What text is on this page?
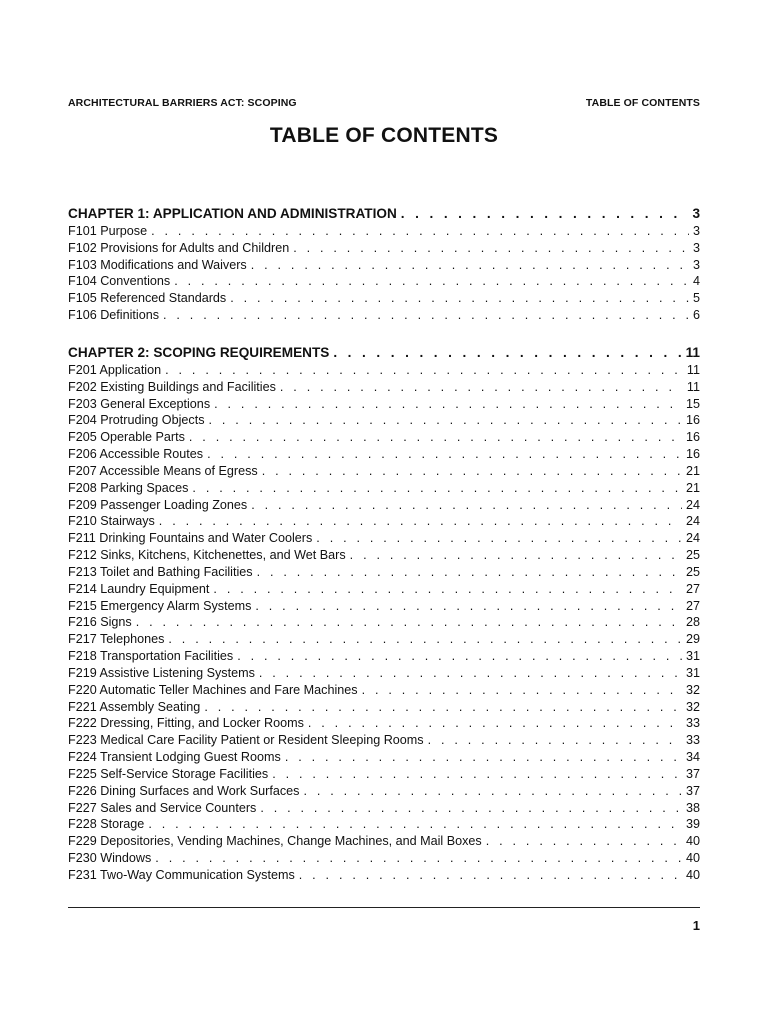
ARCHITECTURAL BARRIERS ACT: SCOPING	TABLE OF CONTENTS
TABLE OF CONTENTS
CHAPTER 1: APPLICATION AND ADMINISTRATION . . .	3
F101 Purpose . . .	3
F102 Provisions for Adults and Children . . .	3
F103 Modifications and Waivers . . .	3
F104 Conventions . . .	4
F105 Referenced Standards . . .	5
F106 Definitions . . .	6
CHAPTER 2: SCOPING REQUIREMENTS . . .	11
F201 Application . . .	11
F202 Existing Buildings and Facilities . . .	11
F203 General Exceptions . . .	15
F204 Protruding Objects . . .	16
F205 Operable Parts . . .	16
F206 Accessible Routes . . .	16
F207 Accessible Means of Egress . . .	21
F208 Parking Spaces . . .	21
F209 Passenger Loading Zones . . .	24
F210 Stairways . . .	24
F211 Drinking Fountains and Water Coolers . . .	24
F212 Sinks, Kitchens, Kitchenettes, and Wet Bars . . .	25
F213 Toilet and Bathing Facilities . . .	25
F214 Laundry Equipment . . .	27
F215 Emergency Alarm Systems . . .	27
F216 Signs . . .	28
F217 Telephones . . .	29
F218 Transportation Facilities . . .	31
F219 Assistive Listening Systems . . .	31
F220 Automatic Teller Machines and Fare Machines . . .	32
F221 Assembly Seating . . .	32
F222 Dressing, Fitting, and Locker Rooms . . .	33
F223 Medical Care Facility Patient or Resident Sleeping Rooms . . .	33
F224 Transient Lodging Guest Rooms . . .	34
F225 Self-Service Storage Facilities . . .	37
F226 Dining Surfaces and Work Surfaces . . .	37
F227 Sales and Service Counters . . .	38
F228 Storage . . .	39
F229 Depositories, Vending Machines, Change Machines, and Mail Boxes . . .	40
F230 Windows . . .	40
F231 Two-Way Communication Systems . . .	40
1
